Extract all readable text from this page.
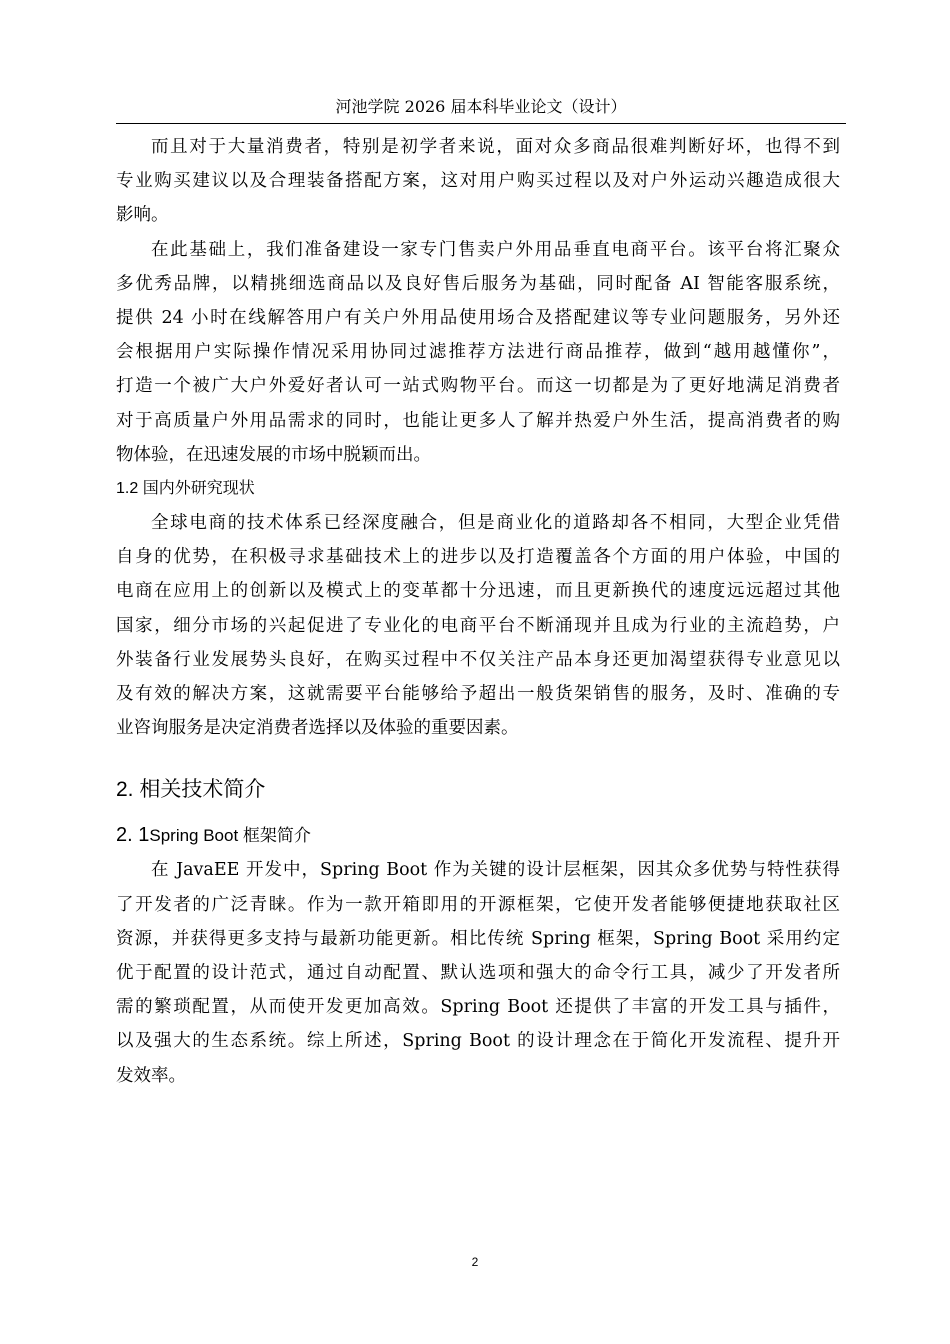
河池学院 2026 届本科毕业论文（设计）
而且对于大量消费者，特别是初学者来说，面对众多商品很难判断好坏，也得不到
专业购买建议以及合理装备搭配方案，这对用户购买过程以及对户外运动兴趣造成很大
影响。
在此基础上，我们准备建设一家专门售卖户外用品垂直电商平台。该平台将汇聚众
多优秀品牌，以精挑细选商品以及良好售后服务为基础，同时配备 AI 智能客服系统，
提供 24 小时在线解答用户有关户外用品使用场合及搭配建议等专业问题服务，另外还
会根据用户实际操作情况采用协同过滤推荐方法进行商品推荐，做到“越用越懂你”，
打造一个被广大户外爱好者认可一站式购物平台。而这一切都是为了更好地满足消费者
对于高质量户外用品需求的同时，也能让更多人了解并热爱户外生活，提高消费者的购
物体验，在迅速发展的市场中脱颖而出。
1.2 国内外研究现状
全球电商的技术体系已经深度融合，但是商业化的道路却各不相同，大型企业凭借
自身的优势，在积极寻求基础技术上的进步以及打造覆盖各个方面的用户体验，中国的
电商在应用上的创新以及模式上的变革都十分迅速，而且更新换代的速度远远超过其他
国家，细分市场的兴起促进了专业化的电商平台不断涌现并且成为行业的主流趋势，户
外装备行业发展势头良好，在购买过程中不仅关注产品本身还更加渴望获得专业意见以
及有效的解决方案，这就需要平台能够给予超出一般货架销售的服务，及时、准确的专
业咨询服务是决定消费者选择以及体验的重要因素。
2. 相关技术简介
2. 1Spring Boot 框架简介
在 JavaEE 开发中，Spring Boot 作为关键的设计层框架，因其众多优势与特性获得
了开发者的广泛青睐。作为一款开箱即用的开源框架，它使开发者能够便捷地获取社区
资源，并获得更多支持与最新功能更新。相比传统 Spring 框架，Spring Boot 采用约定
优于配置的设计范式，通过自动配置、默认选项和强大的命令行工具，减少了开发者所
需的繁琐配置，从而使开发更加高效。Spring Boot 还提供了丰富的开发工具与插件，
以及强大的生态系统。综上所述，Spring Boot 的设计理念在于简化开发流程、提升开
发效率。
2
